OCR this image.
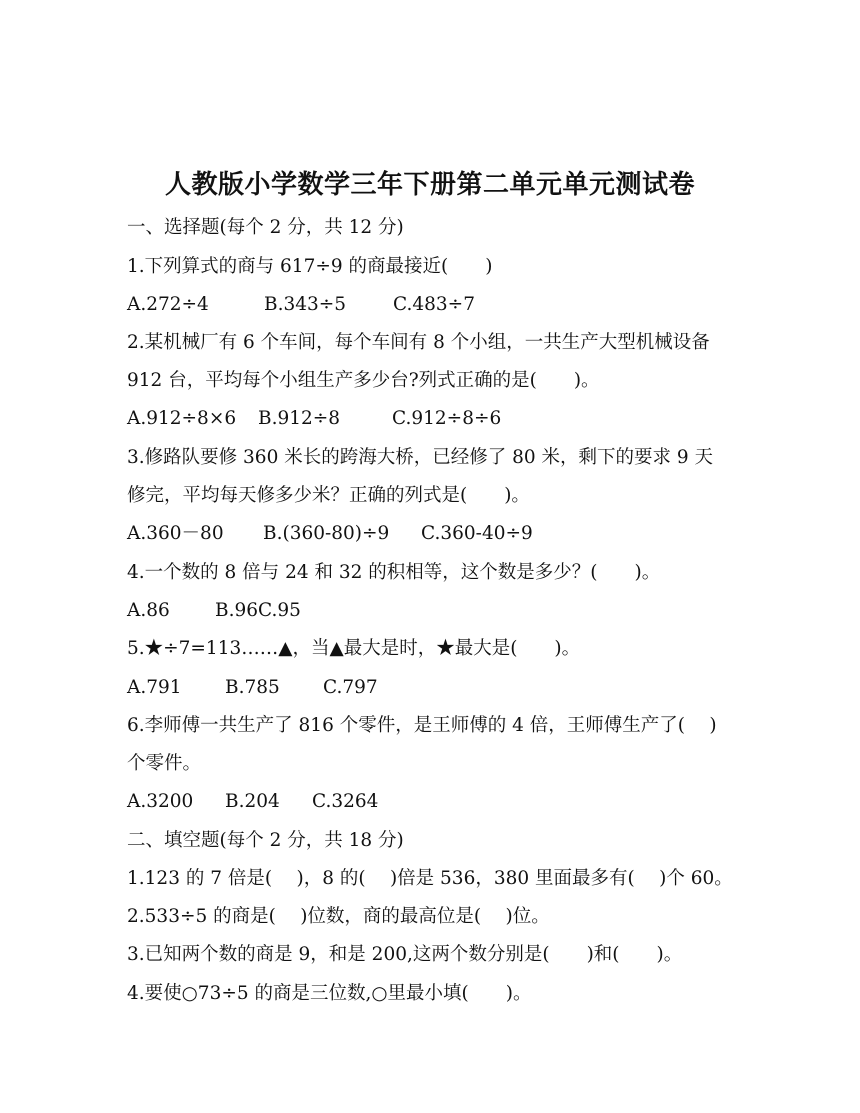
人教版小学数学三年下册第二单元单元测试卷
一、选择题(每个 2 分，共 12 分)
1.下列算式的商与 617÷9 的商最接近(　　)
A.272÷4	B.343÷5	C.483÷7
2.某机械厂有 6 个车间，每个车间有 8 个小组，一共生产大型机械设备
912 台，平均每个小组生产多少台?列式正确的是(　　)。
A.912÷8×6 B.912÷8	C.912÷8÷6
3.修路队要修 360 米长的跨海大桥，已经修了 80 米，剩下的要求 9 天
修完，平均每天修多少米？正确的列式是(　　)。
A.360－80 B.(360-80)÷9 C.360-40÷9
4.一个数的 8 倍与 24 和 32 的积相等，这个数是多少？(　　)。
A.86 B.96C.95
5.★÷7=113……▲，当▲最大是时，★最大是(　　)。
A.791 B.785 C.797
6.李师傅一共生产了 816 个零件，是王师傅的 4 倍，王师傅生产了(　 )
个零件。
A.3200 B.204 C.3264
二、填空题(每个 2 分，共 18 分)
1.123 的 7 倍是(　 )，8 的(　 )倍是 536，380 里面最多有(　 )个 60。
2.533÷5 的商是(　 )位数，商的最高位是(　 )位。
3.已知两个数的商是 9，和是 200,这两个数分别是(　　)和(　　)。
4.要使○73÷5 的商是三位数,○里最小填(　　)。
